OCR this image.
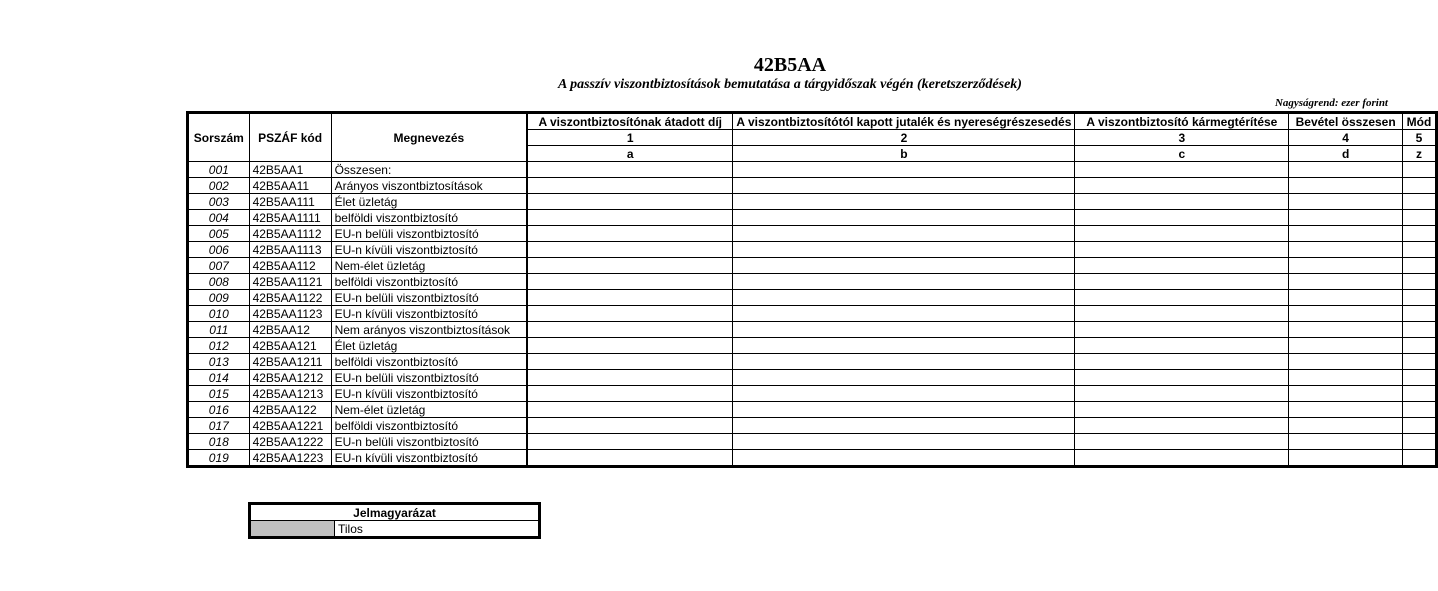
42B5AA
A passzív viszontbiztosítások bemutatása a tárgyidőszak végén (keretszerződések)
Nagyságrend: ezer forint
Sorszám	PSZÁF kód	Megnevezés	A viszontbiztosítónak átadott díj	A viszontbiztosítótól kapott jutalék és nyereségrészesedés	A viszontbiztosító kármegtérítése	Bevétel összesen	Mód
			1	2	3	4	5
			a	b	c	d	z
001	42B5AA1	Összesen:					
002	42B5AA11	Arányos viszontbiztosítások					
003	42B5AA111	Élet üzletág					
004	42B5AA1111	belföldi viszontbiztosító					
005	42B5AA1112	EU-n belüli viszontbiztosító					
006	42B5AA1113	EU-n kívüli viszontbiztosító					
007	42B5AA112	Nem-élet üzletág					
008	42B5AA1121	belföldi viszontbiztosító					
009	42B5AA1122	EU-n belüli viszontbiztosító					
010	42B5AA1123	EU-n kívüli viszontbiztosító					
011	42B5AA12	Nem arányos viszontbiztosítások					
012	42B5AA121	Élet üzletág					
013	42B5AA1211	belföldi viszontbiztosító					
014	42B5AA1212	EU-n belüli viszontbiztosító					
015	42B5AA1213	EU-n kívüli viszontbiztosító					
016	42B5AA122	Nem-élet üzletág					
017	42B5AA1221	belföldi viszontbiztosító					
018	42B5AA1222	EU-n belüli viszontbiztosító					
019	42B5AA1223	EU-n kívüli viszontbiztosító					
Jelmagyarázat
	Tilos
